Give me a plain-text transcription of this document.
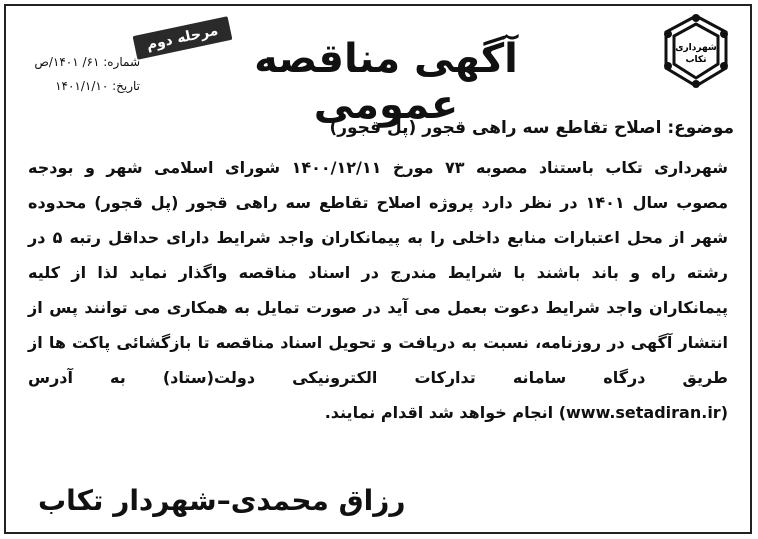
شهرداری
تکاب
آگهی مناقصه عمومی
مرحله دوم
شماره: ۶۱/ ۱۴۰۱/ص
تاریخ: ۱۴۰۱/۱/۱۰
موضوع: اصلاح تقاطع سه راهی قجور (پل قجور)
شهرداری تکاب باستناد مصوبه ۷۳ مورخ ۱۴۰۰/۱۲/۱۱ شورای اسلامی شهر و بودجه
مصوب سال ۱۴۰۱ در نظر دارد پروژه اصلاح تقاطع سه راهی قجور (پل قجور) محدوده
شهر از محل اعتبارات منابع داخلی را به پیمانکاران واجد شرایط دارای حداقل رتبه ۵ در
رشته راه و باند باشند با شرایط مندرج در اسناد مناقصه واگذار نماید لذا از کلیه
پیمانکاران واجد شرایط دعوت بعمل می آید در صورت تمایل به همکاری می توانند پس از
انتشار آگهی در روزنامه، نسبت به دریافت و تحویل اسناد مناقصه تا بازگشائی پاکت ها از
طریق درگاه سامانه تدارکات الکترونیکی دولت(ستاد) به آدرس
(www.setadiran.ir) انجام خواهد شد اقدام نمایند.
رزاق محمدی–شهردار تکاب
